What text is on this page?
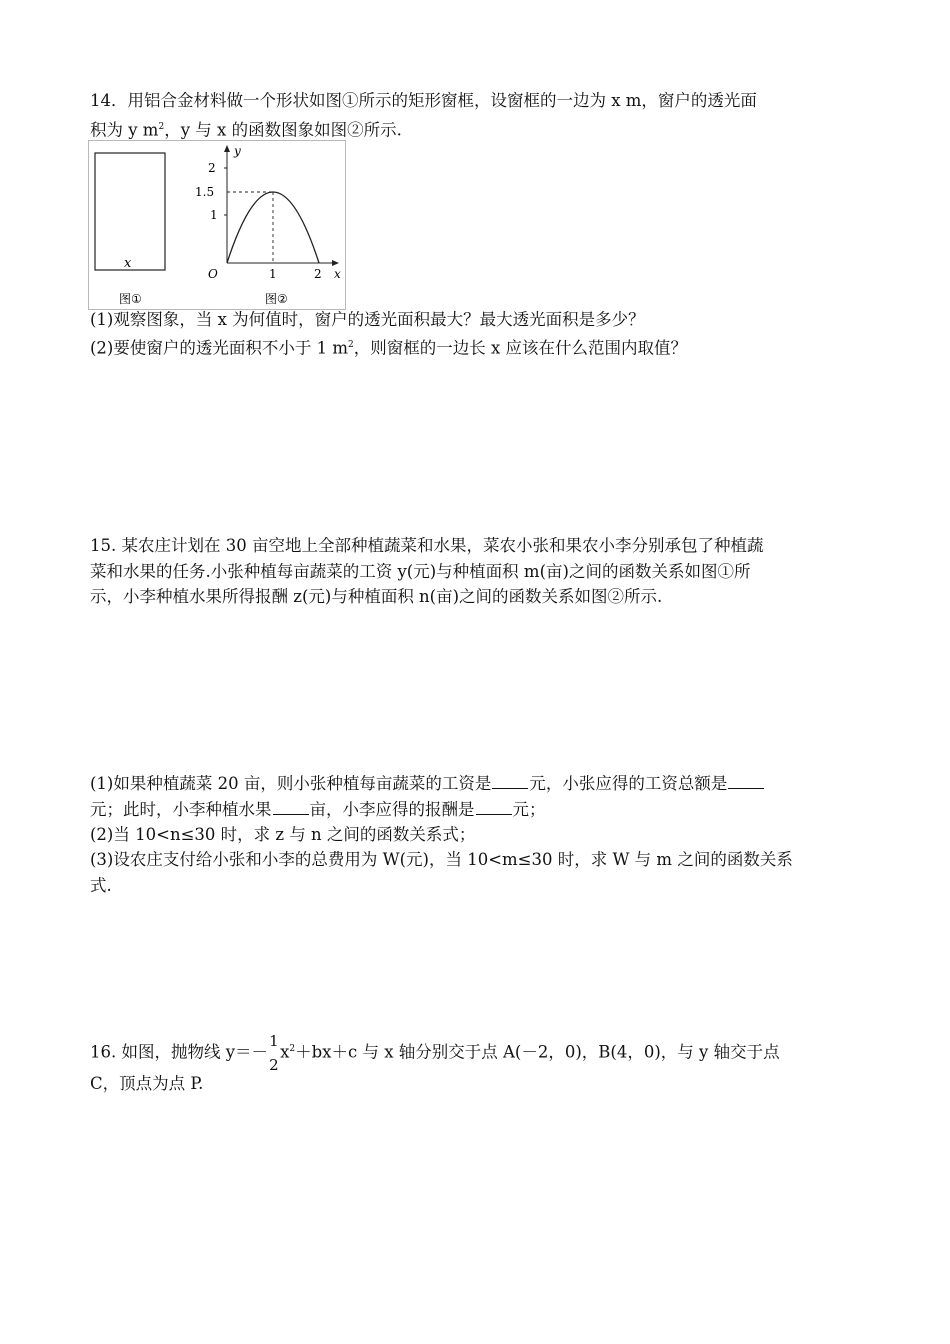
14．用铝合金材料做一个形状如图①所示的矩形窗框，设窗框的一边为 x m，窗户的透光面
积为 y $m^2$，y 与 x 的函数图象如图②所示.
x
图①
y
x
O
2
1.5
1
1	2
图②
(1)观察图象，当 x 为何值时，窗户的透光面积最大？最大透光面积是多少？
(2)要使窗户的透光面积不小于 1 $m^2$，则窗框的一边长 x 应该在什么范围内取值？
15. 某农庄计划在 30 亩空地上全部种植蔬菜和水果，菜农小张和果农小李分别承包了种植蔬
菜和水果的任务.小张种植每亩蔬菜的工资 y(元)与种植面积 m(亩)之间的函数关系如图①所
示，小李种植水果所得报酬 z(元)与种植面积 n(亩)之间的函数关系如图②所示.
(1)如果种植蔬菜 20 亩，则小张种植每亩蔬菜的工资是 元，小张应得的工资总额是
元；此时，小李种植水果 亩，小李应得的报酬是 元；
(2)当 10<n≤30 时，求 z 与 n 之间的函数关系式；
(3)设农庄支付给小张和小李的总费用为 W(元)，当 10<m≤30 时，求 W 与 m 之间的函数关系
式.
16. 如图，抛物线 y＝－
1
2
$x^2+bx+c$ 与 x 轴分别交于点 A(－2，0)，B(4，0)，与 y 轴交于点
C，顶点为点 P.
